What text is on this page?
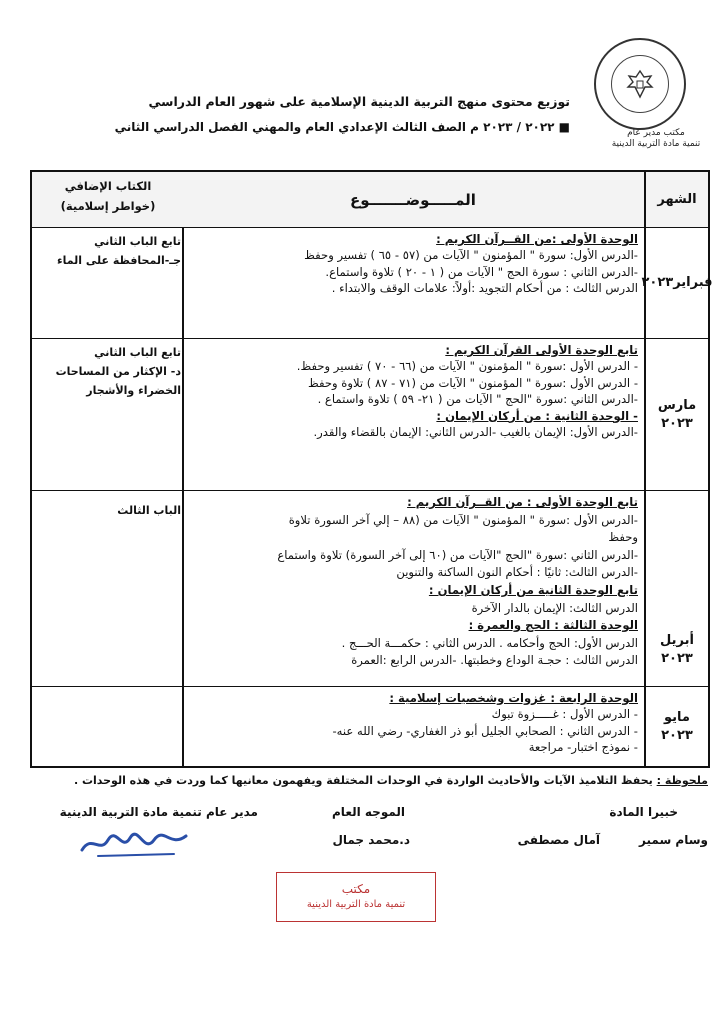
مكتب مدير عام
تنمية مادة التربية الدينية
توزيع محتوى منهج التربية الدينية الإسلامية على شهور العام الدراسي
■ ٢٠٢٢ / ٢٠٢٣ م الصف الثالث الإعدادي العام والمهني الفصل الدراسي الثاني
الشهر
المـــــوضـــــــوع
الكتاب الإضافي
(خواطر إسلامية)
فبراير٢٠٢٣
الوحدة الأولى :من القــرآن الكريم :
-الدرس الأول: سورة " المؤمنون " الآيات من (٥٧ - ٦٥ ) تفسير وحفظ
-الدرس الثاني : سورة الحج " الآيات من ( ١ - ٢٠ ) تلاوة واستماع.
الدرس الثالث : من أحكام التجويد :أولاً: علامات الوقف والابتداء .
تابع الباب الثاني
جـ-المحافظة على الماء
مارس
٢٠٢٣
تابع الوحدة الأولى القرآن الكريم :
- الدرس الأول :سورة " المؤمنون " الآيات من (٦٦ - ٧٠ ) تفسير وحفظ.
- الدرس الأول :سورة " المؤمنون " الآيات من (٧١ - ٨٧ ) تلاوة وحفظ
-الدرس الثاني :سورة "الحج " الآيات من ( ٢١- ٥٩ ) تلاوة واستماع .
- الوحدة الثانية : من أركان الإيمان :
-الدرس الأول: الإيمان بالغيب -الدرس الثاني: الإيمان بالقضاء والقدر.
تابع الباب الثاني
د- الإكثار من المساحات
الخضراء والأشجار
أبريل ٢٠٢٣
تابع الوحدة الأولى : من القــرآن الكريم :
-الدرس الأول :سورة " المؤمنون " الآيات من (٨٨ – إلي آخر السورة تلاوة
وحفظ
-الدرس الثاني :سورة "الحج "الآيات من (٦٠ إلى آخر السورة) تلاوة واستماع
-الدرس الثالث: ثانيًا : أحكام النون الساكنة والتنوين
تابع الوحدة الثانية من أركان الإيمان :
الدرس الثالث: الإيمان بالدار الآخرة
الوحدة الثالثة : الحج والعمرة :
الدرس الأول: الحج وأحكامه . الدرس الثاني : حكمـــة الحـــج .
الدرس الثالث : حجـة الوداع وخطبتها. -الدرس الرابع :العمرة
الباب الثالث
مايو ٢٠٢٣
الوحدة الرابعة : غزوات وشخصيات إسلامية :
- الدرس الأول : غـــــزوة تبوك
- الدرس الثاني : الصحابي الجليل أبو ذر الغفاري- رضي الله عنه-
- نموذج اختبار- مراجعة
ملحوظة : يحفظ التلاميذ الآيات والأحاديث الواردة في الوحدات المختلفة ويفهمون معانيها كما وردت في هذه الوحدات .
خبيرا المادة
وسام سمير
آمال مصطفى
الموجه العام
د.محمد جمال
مدير عام تنمية مادة التربية الدينية
مكتب
تنمية مادة التربية الدينية
